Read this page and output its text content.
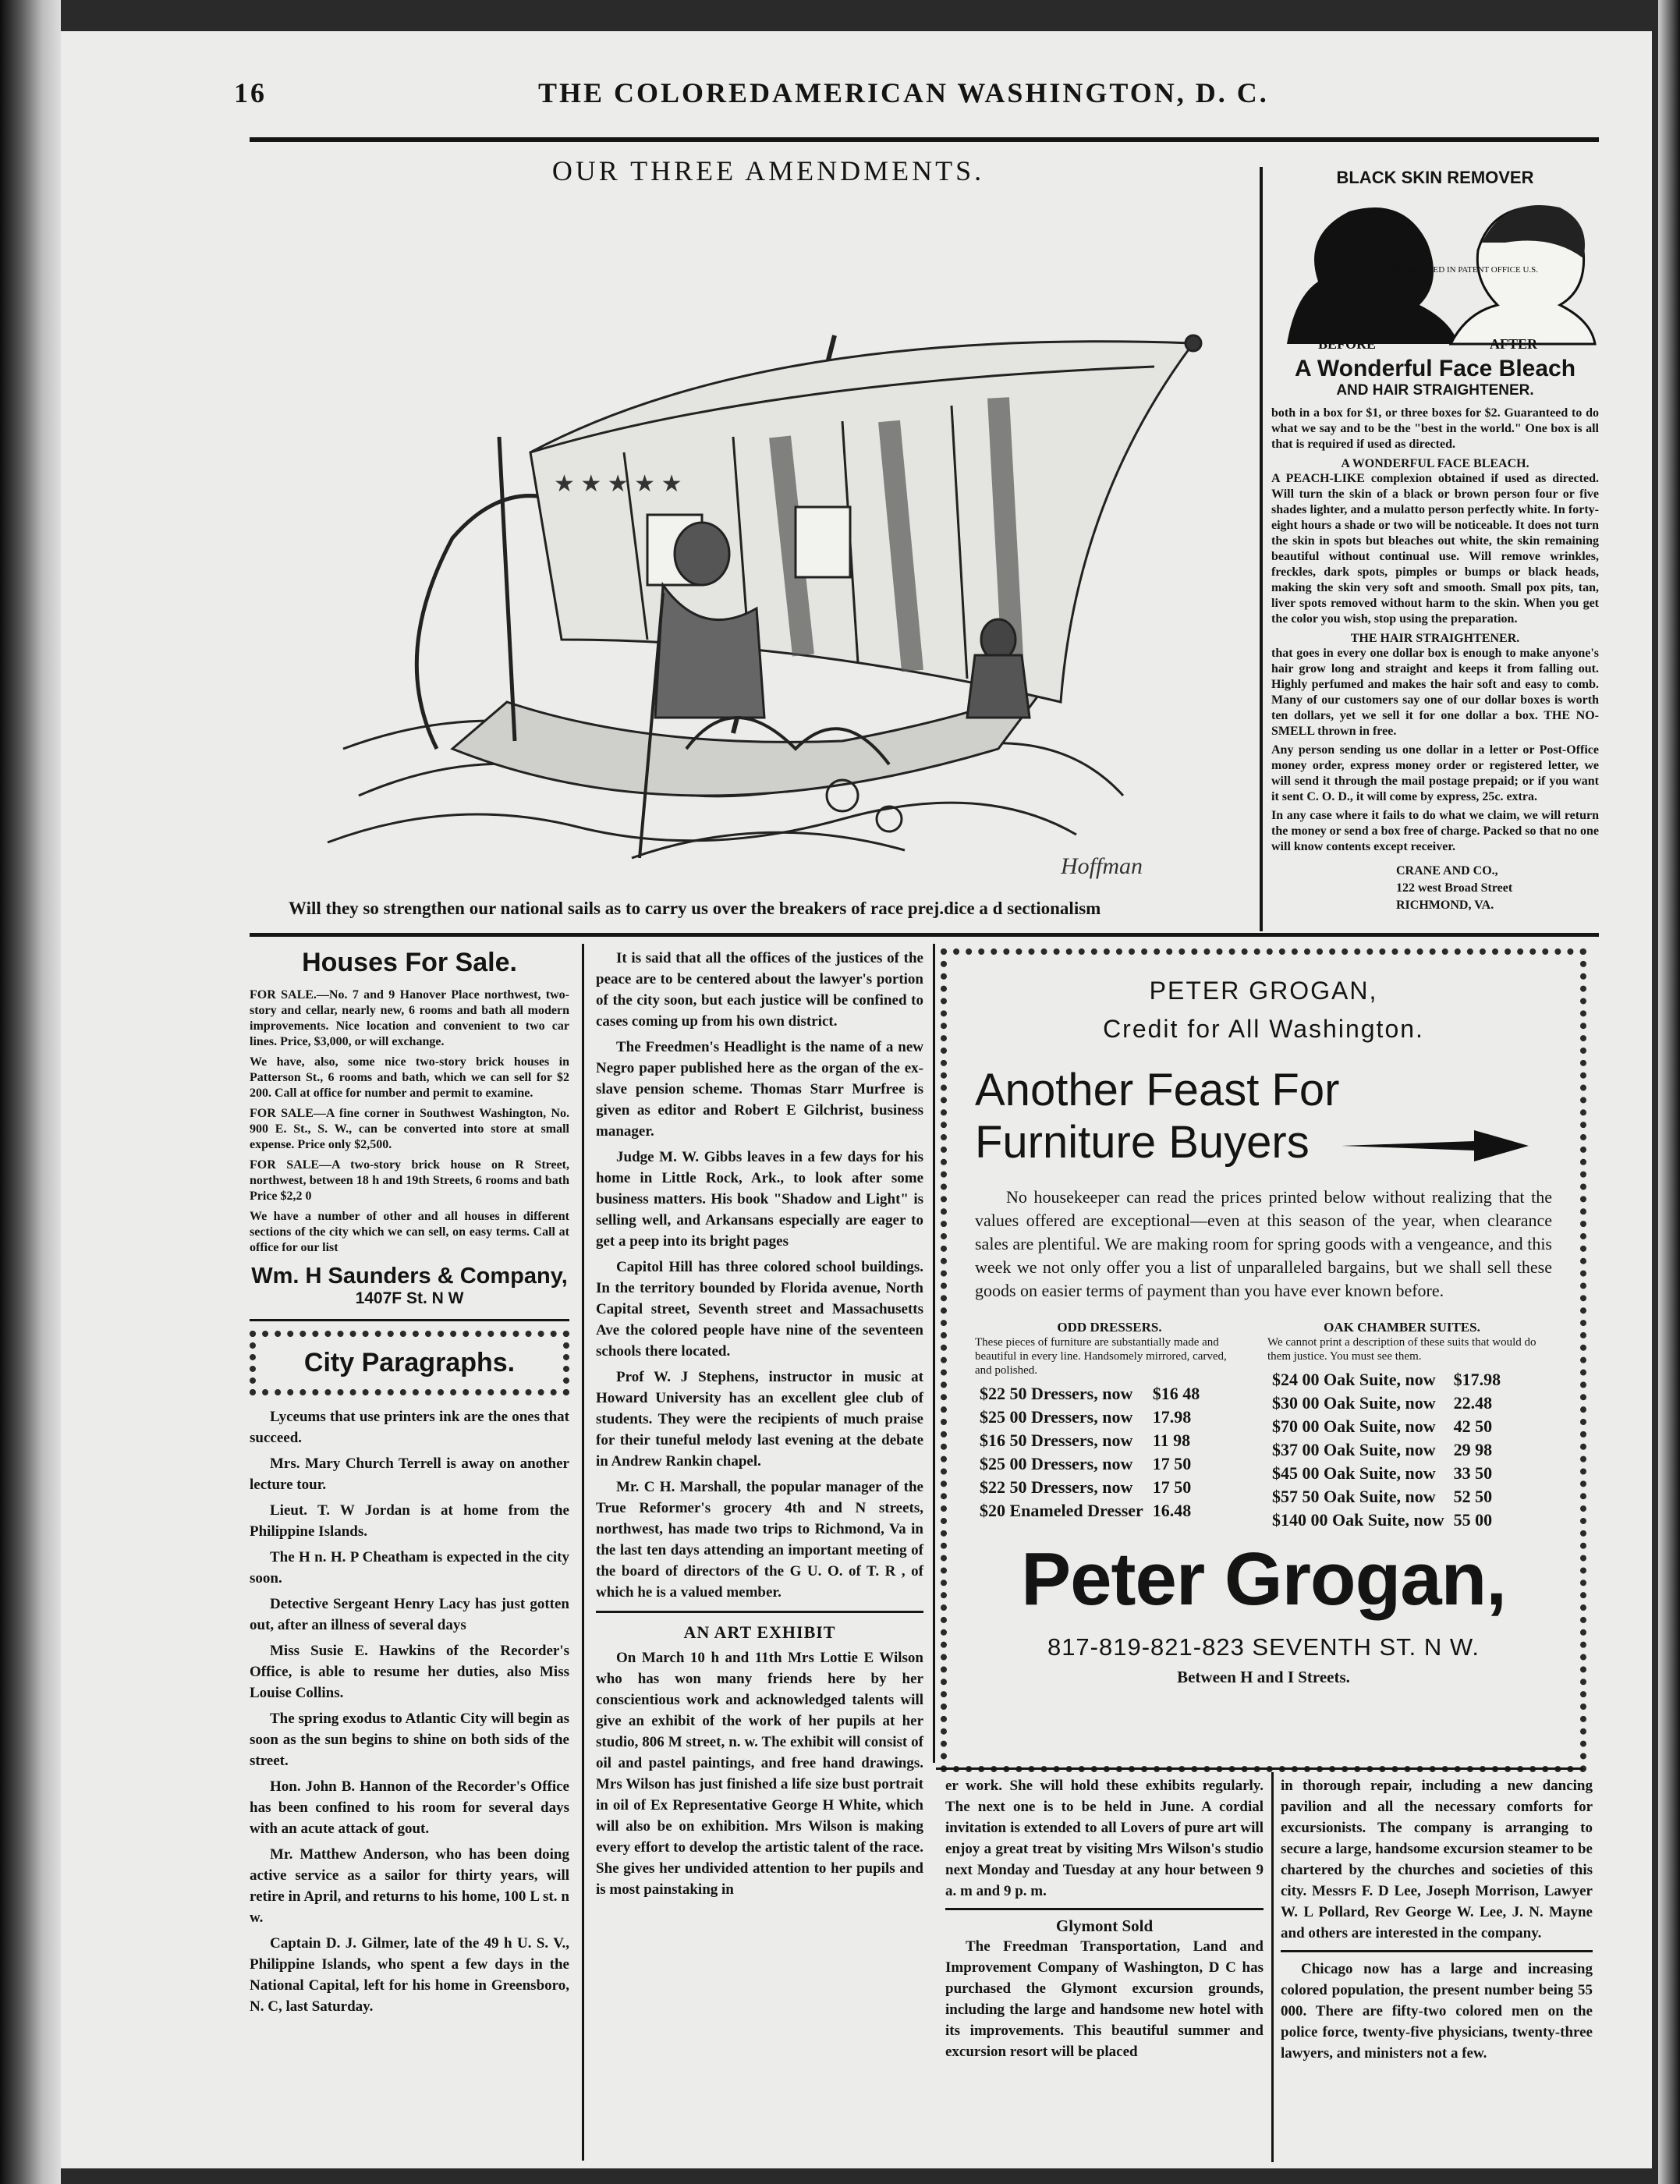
16	THE COLOREDAMERICAN WASHINGTON, D. C.
OUR THREE AMENDMENTS.
★ ★ ★ ★ ★
Hoffman
Will they so strengthen our national sails as to carry us over the breakers of race prej.dice a d sectionalism
BLACK SKIN REMOVER
REGISTERED IN PATENT OFFICE U.S.
BEFORE	AFTER
A Wonderful Face Bleach
AND HAIR STRAIGHTENER.
both in a box for $1, or three boxes for $2. Guaranteed to do what we say and to be the "best in the world." One box is all that is required if used as directed.
A WONDERFUL FACE BLEACH.
A PEACH-LIKE complexion obtained if used as directed. Will turn the skin of a black or brown person four or five shades lighter, and a mulatto person perfectly white. In forty-eight hours a shade or two will be noticeable. It does not turn the skin in spots but bleaches out white, the skin remaining beautiful without continual use. Will remove wrinkles, freckles, dark spots, pimples or bumps or black heads, making the skin very soft and smooth. Small pox pits, tan, liver spots removed without harm to the skin. When you get the color you wish, stop using the preparation.
THE HAIR STRAIGHTENER.
that goes in every one dollar box is enough to make anyone's hair grow long and straight and keeps it from falling out. Highly perfumed and makes the hair soft and easy to comb. Many of our customers say one of our dollar boxes is worth ten dollars, yet we sell it for one dollar a box. THE NO-SMELL thrown in free.
Any person sending us one dollar in a letter or Post-Office money order, express money order or registered letter, we will send it through the mail postage prepaid; or if you want it sent C. O. D., it will come by express, 25c. extra.
In any case where it fails to do what we claim, we will return the money or send a box free of charge. Packed so that no one will know contents except receiver.
CRANE AND CO.,
122 west Broad Street
RICHMOND, VA.
Houses For Sale.

FOR SALE.—No. 7 and 9 Hanover Place northwest, two-story and cellar, nearly new, 6 rooms and bath all modern improvements. Nice location and convenient to two car lines. Price, $3,000, or will exchange.

We have, also, some nice two-story brick houses in Patterson St., 6 rooms and bath, which we can sell for $2 200. Call at office for number and permit to examine.

FOR SALE—A fine corner in Southwest Washington, No. 900 E. St., S. W., can be converted into store at small expense. Price only $2,500.

FOR SALE—A two-story brick house on R Street, northwest, between 18 h and 19th Streets, 6 rooms and bath Price $2,2 0

We have a number of other and all houses in different sections of the city which we can sell, on easy terms. Call at office for our list

Wm. H Saunders & Company,
1407F St. N W
City Paragraphs.

Lyceums that use printers ink are the ones that succeed.

Mrs. Mary Church Terrell is away on another lecture tour.

Lieut. T. W Jordan is at home from the Philippine Islands.

The H n. H. P Cheatham is expected in the city soon.

Detective Sergeant Henry Lacy has just gotten out, after an illness of several days

Miss Susie E. Hawkins of the Recorder's Office, is able to resume her duties, also Miss Louise Collins.

The spring exodus to Atlantic City will begin as soon as the sun begins to shine on both sids of the street.

Hon. John B. Hannon of the Recorder's Office has been confined to his room for several days with an acute attack of gout.

Mr. Matthew Anderson, who has been doing active service as a sailor for thirty years, will retire in April, and returns to his home, 100 L st. n w.

Captain D. J. Gilmer, late of the 49 h U. S. V., Philippine Islands, who spent a few days in the National Capital, left for his home in Greensboro, N. C, last Saturday.

It is said that all the offices of the justices of the peace are to be centered about the lawyer's portion of the city soon, but each justice will be confined to cases coming up from his own district.

The Freedmen's Headlight is the name of a new Negro paper published here as the organ of the ex-slave pension scheme. Thomas Starr Murfree is given as editor and Robert E Gilchrist, business manager.

Judge M. W. Gibbs leaves in a few days for his home in Little Rock, Ark., to look after some business matters. His book "Shadow and Light" is selling well, and Arkansans especially are eager to get a peep into its bright pages

Capitol Hill has three colored school buildings. In the territory bounded by Florida avenue, North Capital street, Seventh street and Massachusetts Ave the colored people have nine of the seventeen schools there located.

Prof W. J Stephens, instructor in music at Howard University has an excellent glee club of students. They were the recipients of much praise for their tuneful melody last evening at the debate in Andrew Rankin chapel.

Mr. C H. Marshall, the popular manager of the True Reformer's grocery 4th and N streets, northwest, has made two trips to Richmond, Va in the last ten days attending an important meeting of the board of directors of the G U. O. of T. R , of which he is a valued member.

AN ART EXHIBIT
On March 10 h and 11th Mrs Lottie E Wilson who has won many friends here by her conscientious work and acknowledged talents will give an exhibit of the work of her pupils at her studio, 806 M street, n. w. The exhibit will consist of oil and pastel paintings, and free hand drawings. Mrs Wilson has just finished a life size bust portrait in oil of Ex Representative George H White, which will also be on exhibition. Mrs Wilson is making every effort to develop the artistic talent of the race. She gives her undivided attention to her pupils and is most painstaking in
PETER GROGAN,
Credit for All Washington.
Another Feast For
Furniture Buyers
No housekeeper can read the prices printed below without realizing that the values offered are exceptional—even at this season of the year, when clearance sales are plentiful. We are making room for spring goods with a vengeance, and this week we not only offer you a list of unparalleled bargains, but we shall sell these goods on easier terms of payment than you have ever known before.
ODD DRESSERS.
These pieces of furniture are substantially made and beautiful in every line. Handsomely mirrored, carved, and polished.
$22 50 Dressers, now	$16 48
$25 00 Dressers, now	17.98
$16 50 Dressers, now	11 98
$25 00 Dressers, now	17 50
$22 50 Dressers, now	17 50
$20 Enameled Dresser	16.48
OAK CHAMBER SUITES.
We cannot print a description of these suits that would do them justice. You must see them.
$24 00 Oak Suite, now	$17.98
$30 00 Oak Suite, now	22.48
$70 00 Oak Suite, now	42 50
$37 00 Oak Suite, now	29 98
$45 00 Oak Suite, now	33 50
$57 50 Oak Suite, now	52 50
$140 00 Oak Suite, now	55 00
Peter Grogan,
817-819-821-823 SEVENTH ST. N W.
Between H and I Streets.
er work. She will hold these exhibits regularly. The next one is to be held in June. A cordial invitation is extended to all Lovers of pure art will enjoy a great treat by visiting Mrs Wilson's studio next Monday and Tuesday at any hour between 9 a. m and 9 p. m.
Glymont Sold
The Freedman Transportation, Land and Improvement Company of Washington, D C has purchased the Glymont excursion grounds, including the large and handsome new hotel with its improvements. This beautiful summer and excursion resort will be placed
in thorough repair, including a new dancing pavilion and all the necessary comforts for excursionists. The company is arranging to secure a large, handsome excursion steamer to be chartered by the churches and societies of this city. Messrs F. D Lee, Joseph Morrison, Lawyer W. L Pollard, Rev George W. Lee, J. N. Mayne and others are interested in the company.
Chicago now has a large and increasing colored population, the present number being 55 000. There are fifty-two colored men on the police force, twenty-five physicians, twenty-three lawyers, and ministers not a few.
